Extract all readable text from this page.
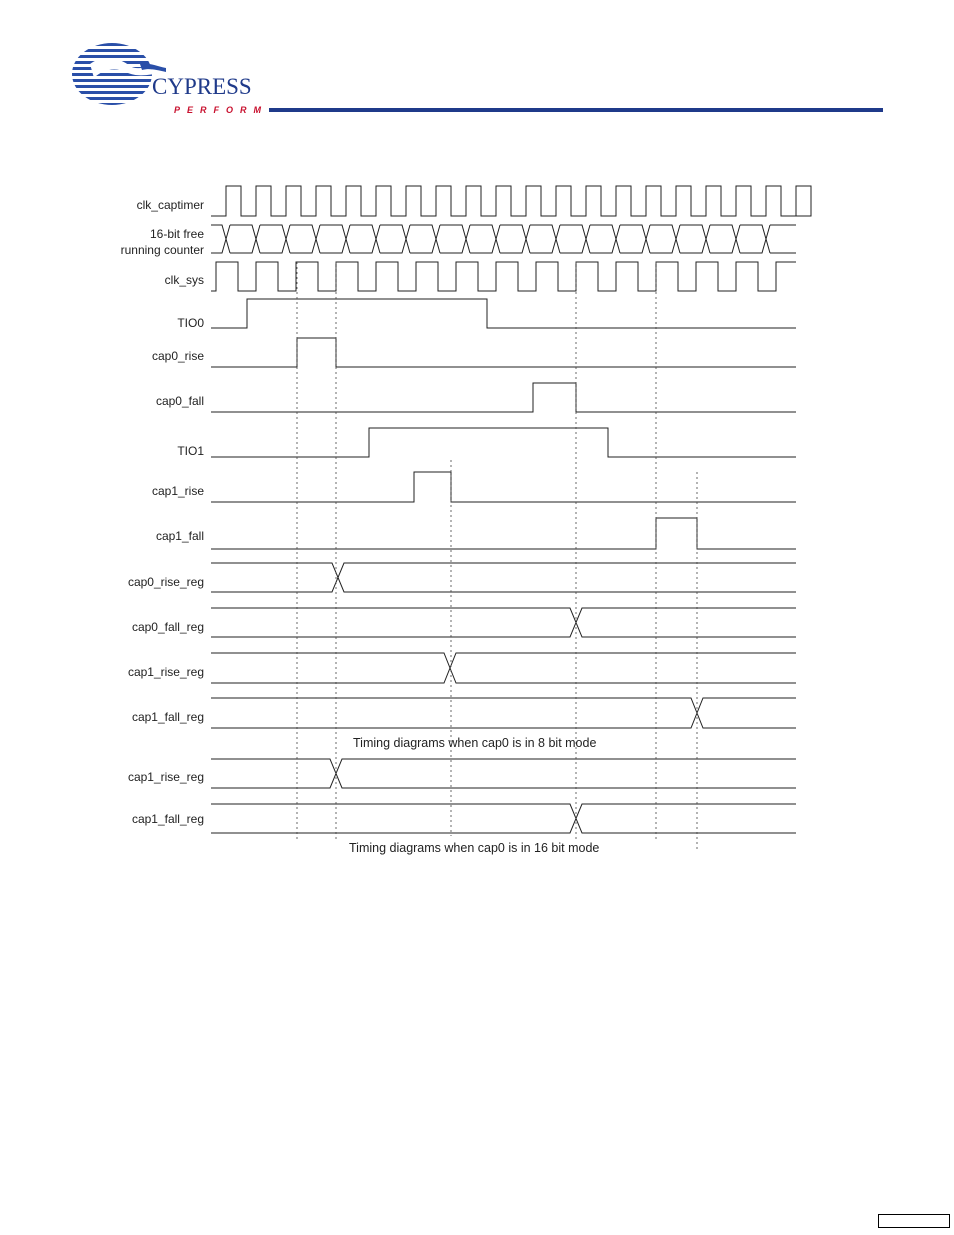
CYPRESS
PERFORM
clk_captimer
16-bit free
running counter
clk_sys
TIO0
cap0_rise
cap0_fall
TIO1
cap1_rise
cap1_fall
cap0_rise_reg
cap0_fall_reg
cap1_rise_reg
cap1_fall_reg
cap1_rise_reg
cap1_fall_reg
Timing diagrams when cap0 is in 8 bit mode
Timing diagrams when cap0 is in 16 bit mode
